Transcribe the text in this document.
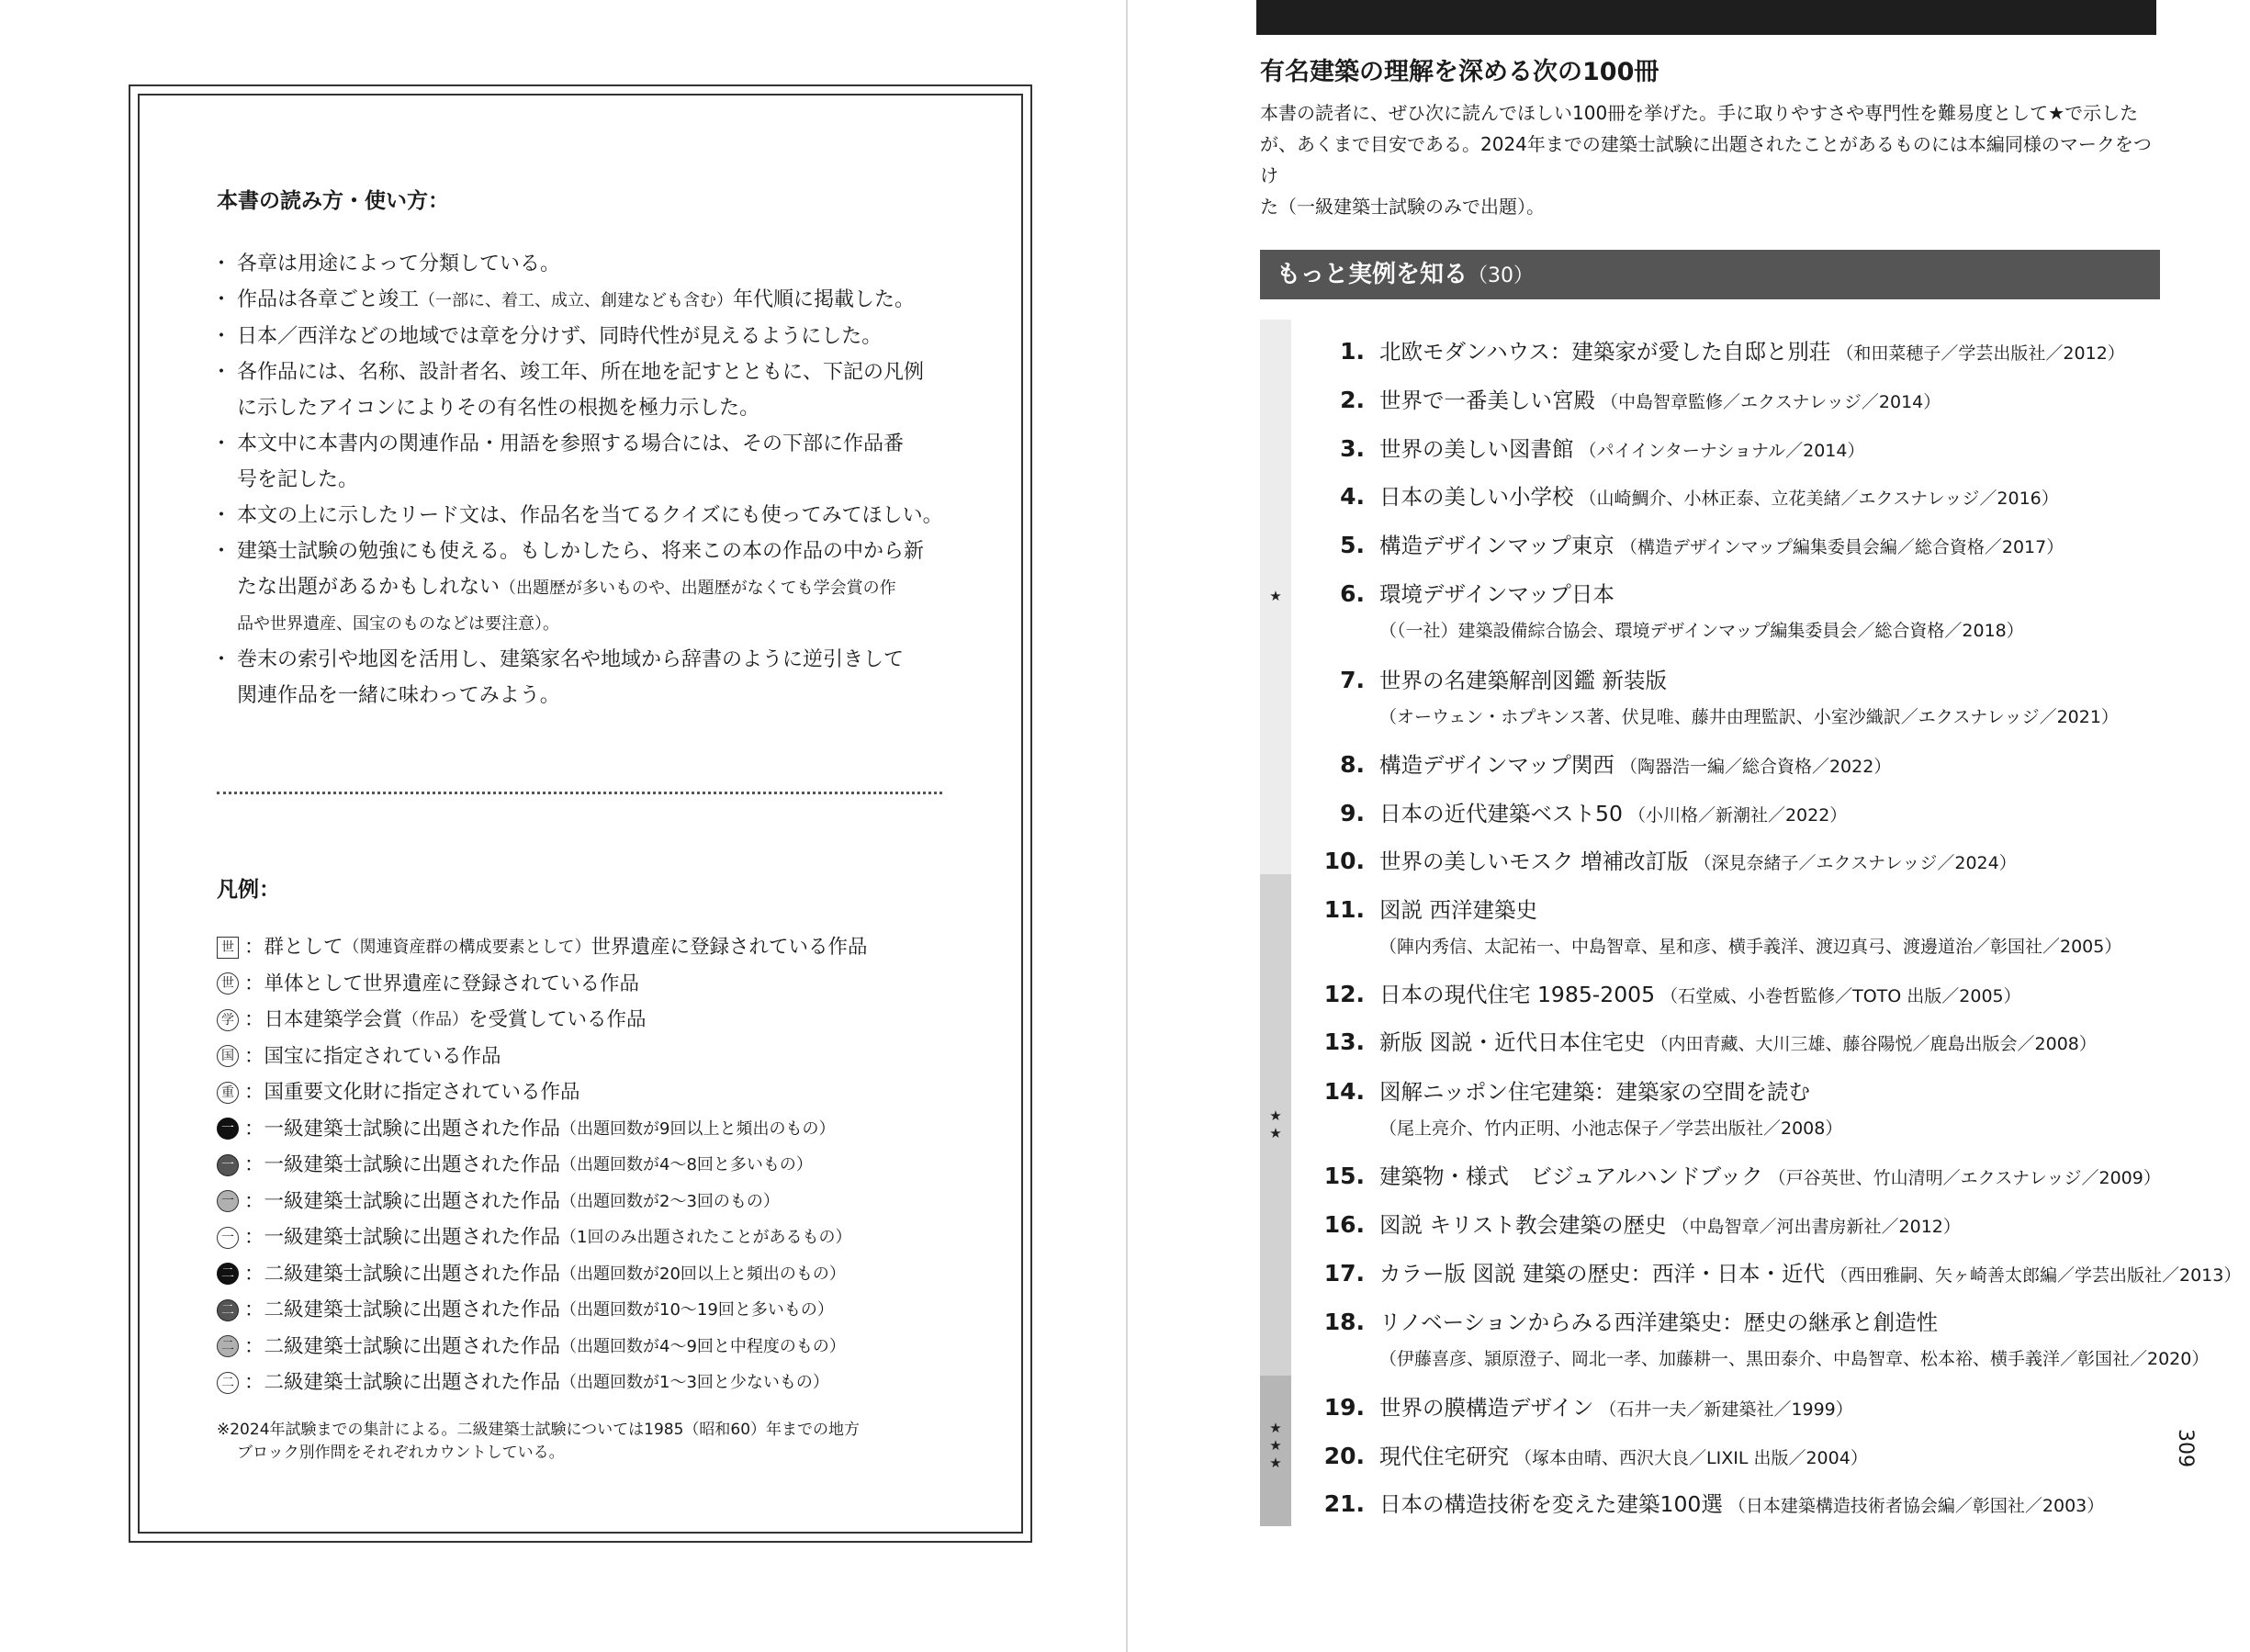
本書の読み方・使い方：
・ 各章は用途によって分類している。
・ 作品は各章ごと竣工（一部に、着工、成立、創建なども含む）年代順に掲載した。
・ 日本／西洋などの地域では章を分けず、同時代性が見えるようにした。
・ 各作品には、名称、設計者名、竣工年、所在地を記すとともに、下記の凡例
に示したアイコンによりその有名性の根拠を極力示した。
・ 本文中に本書内の関連作品・用語を参照する場合には、その下部に作品番
号を記した。
・ 本文の上に示したリード文は、作品名を当てるクイズにも使ってみてほしい。
・ 建築士試験の勉強にも使える。もしかしたら、将来この本の作品の中から新
たな出題があるかもしれない（出題歴が多いものや、出題歴がなくても学会賞の作
品や世界遺産、国宝のものなどは要注意）。
・ 巻末の索引や地図を活用し、建築家名や地域から辞書のように逆引きして
関連作品を一緒に味わってみよう。
凡例：
世 ：群として （関連資産群の構成要素として） 世界遺産に登録されている作品
世 ：単体として世界遺産に登録されている作品
学 ：日本建築学会賞 （作品） を受賞している作品
国 ：国宝に指定されている作品
重 ：国重要文化財に指定されている作品
一 ：一級建築士試験に出題された作品 （出題回数が9回以上と頻出のもの）
一 ：一級建築士試験に出題された作品 （出題回数が4〜8回と多いもの）
一 ：一級建築士試験に出題された作品 （出題回数が2〜3回のもの）
一 ：一級建築士試験に出題された作品 （1回のみ出題されたことがあるもの）
二 ：二級建築士試験に出題された作品 （出題回数が20回以上と頻出のもの）
二 ：二級建築士試験に出題された作品 （出題回数が10〜19回と多いもの）
二 ：二級建築士試験に出題された作品 （出題回数が4〜9回と中程度のもの）
二 ：二級建築士試験に出題された作品 （出題回数が1〜3回と少ないもの）
※2024年試験までの集計による。二級建築士試験については1985（昭和60）年までの地方
ブロック別作問をそれぞれカウントしている。
有名建築の理解を深める次の100冊
本書の読者に、ぜひ次に読んでほしい100冊を挙げた。手に取りやすさや専門性を難易度として★で示した
が、あくまで目安である。2024年までの建築士試験に出題されたことがあるものには本編同様のマークをつけ
た（一級建築士試験のみで出題）。
もっと実例を知る（30）
★
★
★
★
★
★
1. 北欧モダンハウス：建築家が愛した自邸と別荘 （和田菜穂子／学芸出版社／2012）
2. 世界で一番美しい宮殿 （中島智章監修／エクスナレッジ／2014）
3. 世界の美しい図書館 （パイインターナショナル／2014）
4. 日本の美しい小学校 （山崎鯛介、小林正泰、立花美緒／エクスナレッジ／2016）
5. 構造デザインマップ東京 （構造デザインマップ編集委員会編／総合資格／2017）
6. 環境デザインマップ日本
（（一社）建築設備綜合協会、環境デザインマップ編集委員会／総合資格／2018）
7. 世界の名建築解剖図鑑 新装版
（オーウェン・ホプキンス著、伏見唯、藤井由理監訳、小室沙織訳／エクスナレッジ／2021）
8. 構造デザインマップ関西 （陶器浩一編／総合資格／2022）
9. 日本の近代建築ベスト50 （小川格／新潮社／2022）
10. 世界の美しいモスク 増補改訂版 （深見奈緒子／エクスナレッジ／2024）
11. 図説 西洋建築史
（陣内秀信、太記祐一、中島智章、星和彦、横手義洋、渡辺真弓、渡邊道治／彰国社／2005）
12. 日本の現代住宅 1985-2005 （石堂威、小巻哲監修／TOTO 出版／2005）
13. 新版 図説・近代日本住宅史 （内田青藏、大川三雄、藤谷陽悦／鹿島出版会／2008）
14. 図解ニッポン住宅建築：建築家の空間を読む
（尾上亮介、竹内正明、小池志保子／学芸出版社／2008）
15. 建築物・様式　ビジュアルハンドブック （戸谷英世、竹山清明／エクスナレッジ／2009）
16. 図説 キリスト教会建築の歴史 （中島智章／河出書房新社／2012）
17. カラー版 図説 建築の歴史：西洋・日本・近代 （西田雅嗣、矢ヶ崎善太郎編／学芸出版社／2013）
18. リノベーションからみる西洋建築史：歴史の継承と創造性
（伊藤喜彦、頴原澄子、岡北一孝、加藤耕一、黒田泰介、中島智章、松本裕、横手義洋／彰国社／2020）
19. 世界の膜構造デザイン （石井一夫／新建築社／1999）
20. 現代住宅研究 （塚本由晴、西沢大良／LIXIL 出版／2004）
21. 日本の構造技術を変えた建築100選 （日本建築構造技術者協会編／彰国社／2003）
309
